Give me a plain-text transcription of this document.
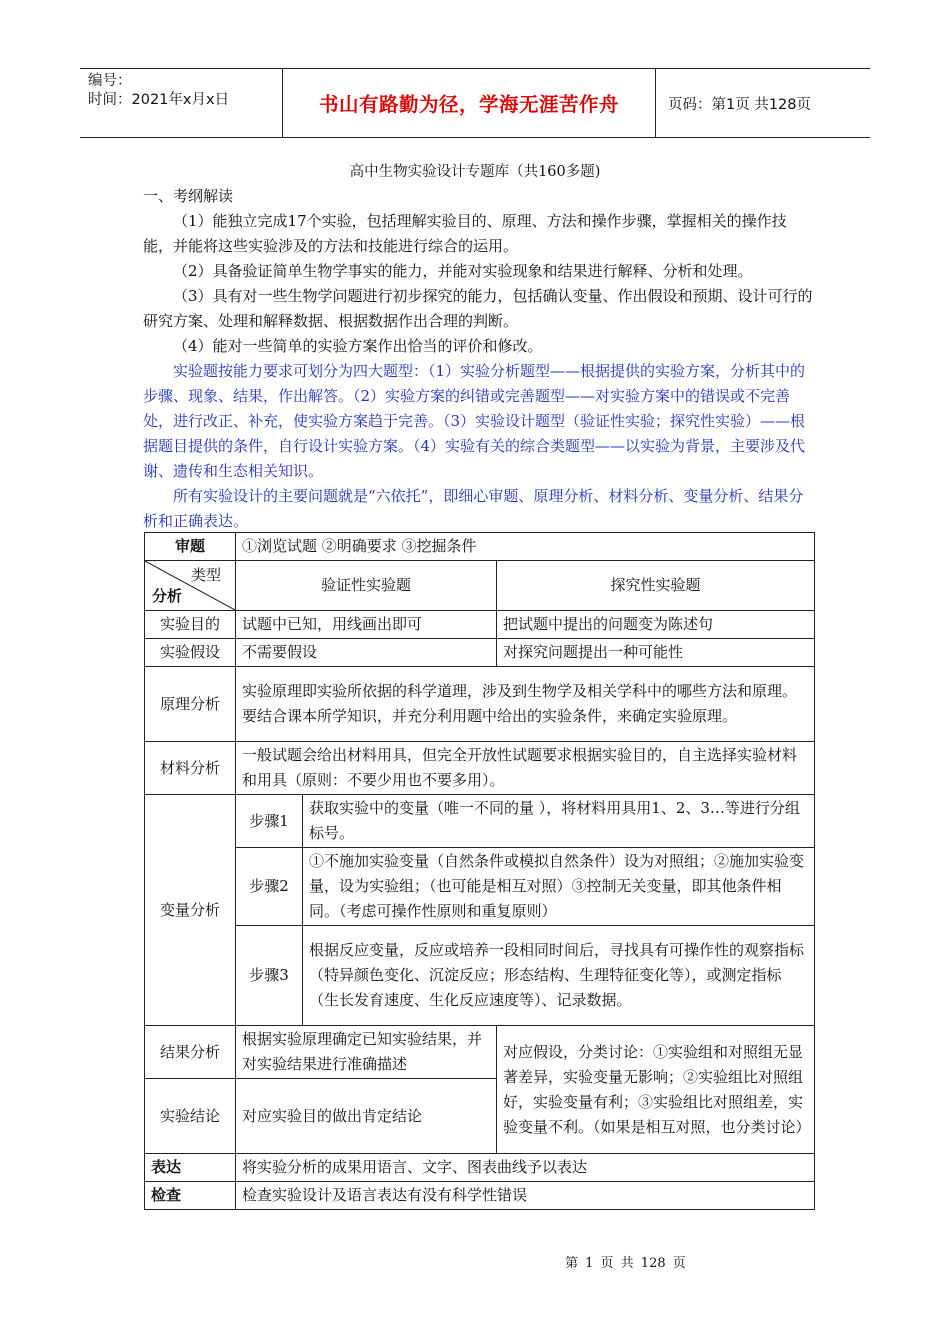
编号：
时间：2021年x月x日	书山有路勤为径，学海无涯苦作舟	页码：第1页 共128页
高中生物实验设计专题库（共160多题)
一、考纲解读
（1）能独立完成17个实验，包括理解实验目的、原理、方法和操作步骤，掌握相关的操作技能，并能将这些实验涉及的方法和技能进行综合的运用。
（2）具备验证简单生物学事实的能力，并能对实验现象和结果进行解释、分析和处理。
（3）具有对一些生物学问题进行初步探究的能力，包括确认变量、作出假设和预期、设计可行的研究方案、处理和解释数据、根据数据作出合理的判断。
（4）能对一些简单的实验方案作出恰当的评价和修改。
实验题按能力要求可划分为四大题型：（1）实验分析题型——根据提供的实验方案，分析其中的步骤、现象、结果，作出解答。（2）实验方案的纠错或完善题型——对实验方案中的错误或不完善处，进行改正、补充，使实验方案趋于完善。（3）实验设计题型（验证性实验；探究性实验）——根据题目提供的条件，自行设计实验方案。（4）实验有关的综合类题型——以实验为背景，主要涉及代谢、遗传和生态相关知识。
所有实验设计的主要问题就是“六依托”，即细心审题、原理分析、材料分析、变量分析、结果分析和正确表达。
审题	①浏览试题 ②明确要求 ③挖掘条件		

类型
分析	验证性实验题		探究性实验题
实验目的	试题中已知，用线画出即可		把试题中提出的问题变为陈述句
实验假设	不需要假设		对探究问题提出一种可能性
原理分析	实验原理即实验所依据的科学道理，涉及到生物学及相关学科中的哪些方法和原理。要结合课本所学知识，并充分利用题中给出的实验条件，来确定实验原理。		
材料分析	一般试题会给出材料用具，但完全开放性试题要求根据实验目的，自主选择实验材料和用具（原则：不要少用也不要多用）。		
变量分析	步骤1	获取实验中的变量（唯一不同的量 ），将材料用具用1、2、3…等进行分组标号。	
	步骤2	①不施加实验变量（自然条件或模拟自然条件）设为对照组；②施加实验变量，设为实验组；（也可能是相互对照）③控制无关变量，即其他条件相同。（考虑可操作性原则和重复原则）	
	步骤3	根据反应变量，反应或培养一段相同时间后，寻找具有可操作性的观察指标（特异颜色变化、沉淀反应；形态结构、生理特征变化等），或测定指标（生长发育速度、生化反应速度等）、记录数据。	
结果分析	根据实验原理确定已知实验结果，并对实验结果进行准确描述		对应假设，分类讨论：①实验组和对照组无显著差异，实验变量无影响；②实验组比对照组好，实验变量有利；③实验组比对照组差，实验变量不利。（如果是相互对照，也分类讨论）
实验结论	对应实验目的做出肯定结论		
表达	将实验分析的成果用语言、文字、图表曲线予以表达		
检查	检查实验设计及语言表达有没有科学性错误		
第 1 页 共 128 页
